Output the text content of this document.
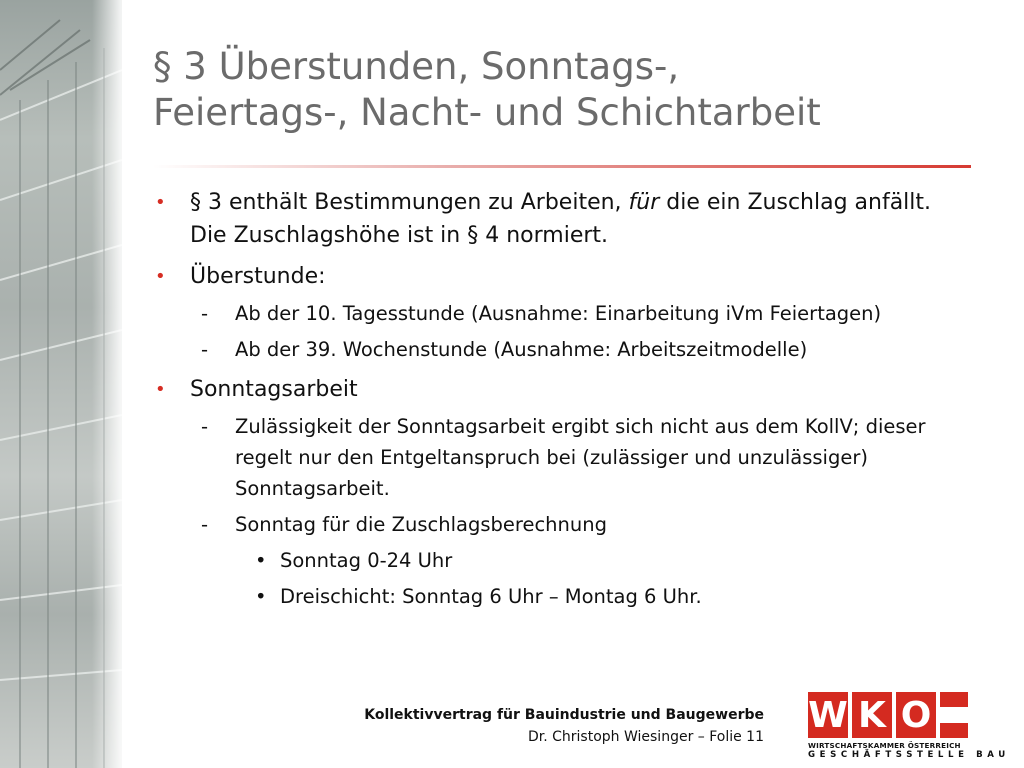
§ 3 Überstunden, Sonntags-,
Feiertags-, Nacht- und Schichtarbeit
• § 3 enthält Bestimmungen zu Arbeiten, für die ein Zuschlag anfällt. Die Zuschlagshöhe ist in § 4 normiert.
• Überstunde:
- Ab der 10. Tagesstunde (Ausnahme: Einarbeitung iVm Feiertagen)
- Ab der 39. Wochenstunde (Ausnahme: Arbeitszeitmodelle)
• Sonntagsarbeit
- Zulässigkeit der Sonntagsarbeit ergibt sich nicht aus dem KollV; dieser regelt nur den Entgeltanspruch bei (zulässiger und unzulässiger) Sonntagsarbeit.
- Sonntag für die Zuschlagsberechnung
• Sonntag 0-24 Uhr
• Dreischicht: Sonntag 6 Uhr – Montag 6 Uhr.
Kollektivvertrag für Bauindustrie und Baugewerbe
Dr. Christoph Wiesinger – Folie 11
W K O
WIRTSCHAFTSKAMMER ÖSTERREICH
GESCHÄFTSSTELLE BAU
